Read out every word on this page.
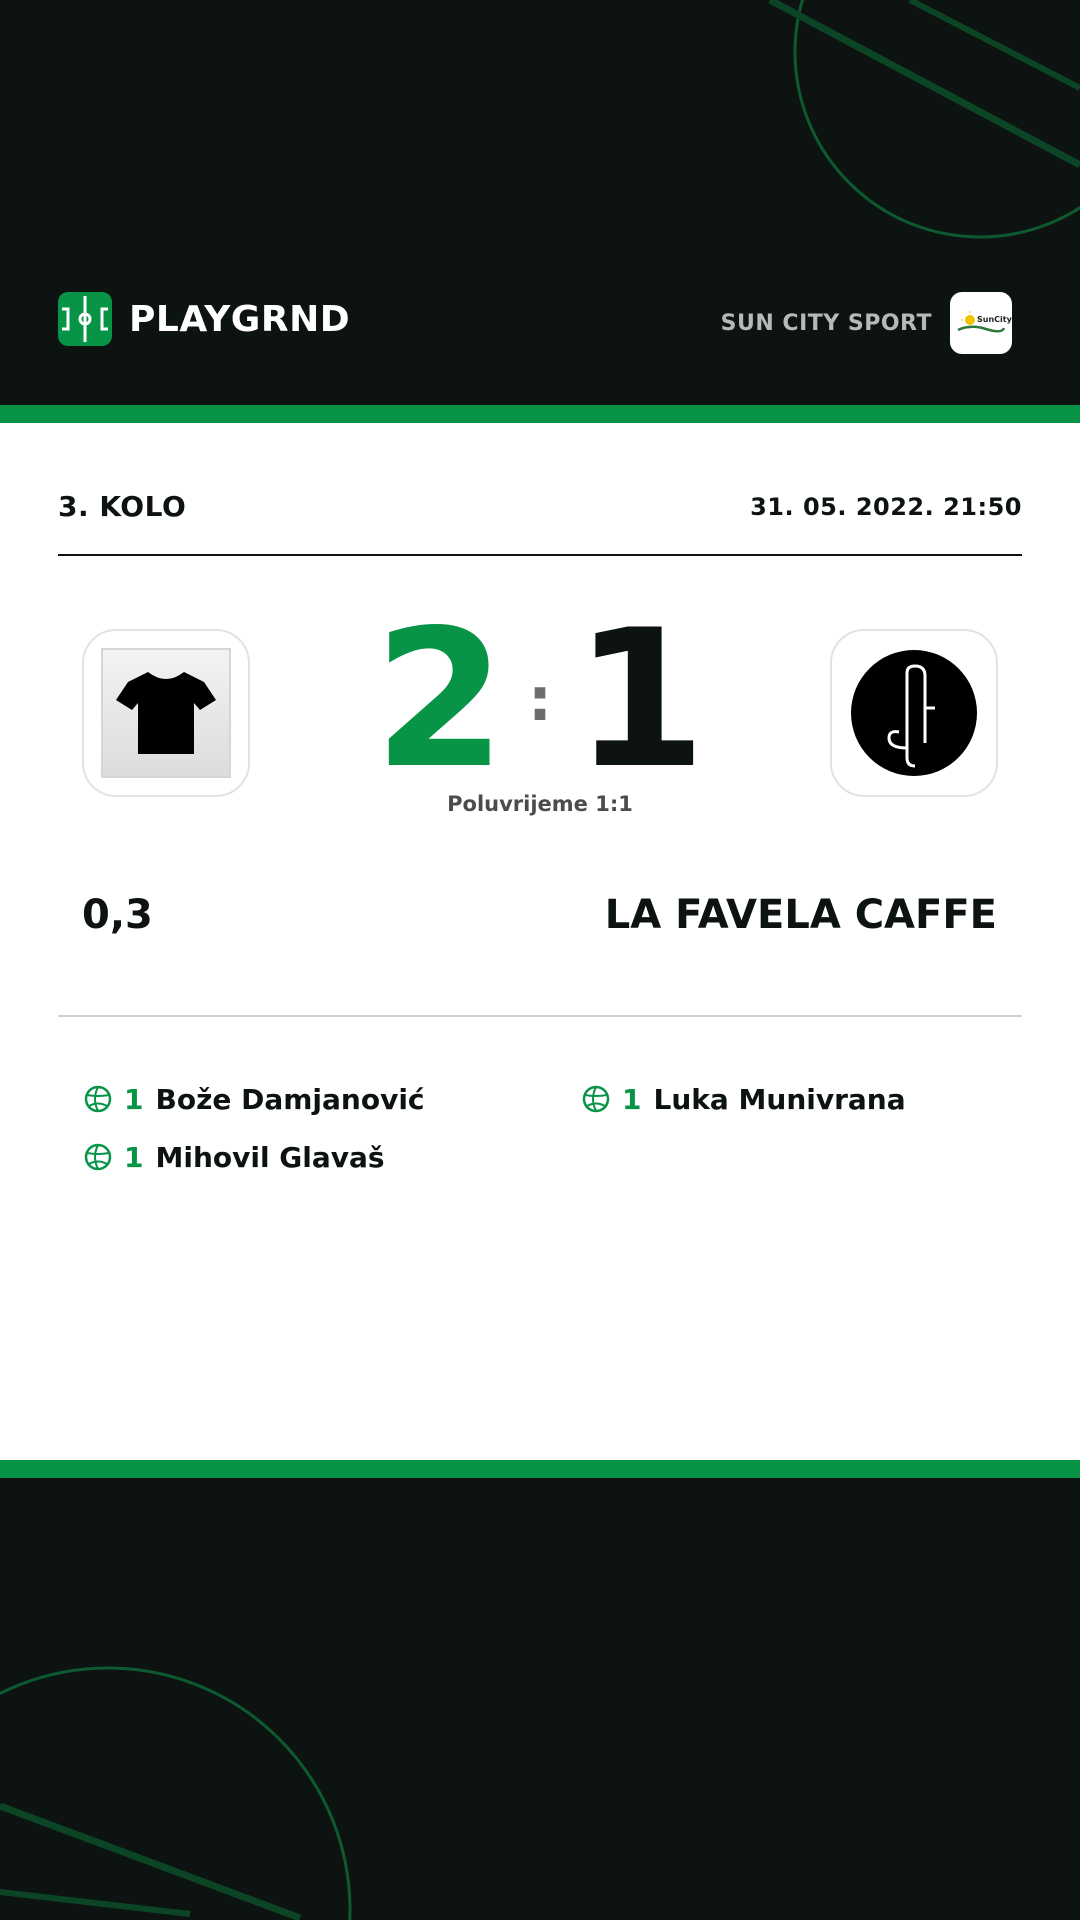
PLAYGRND	SUN CITY SPORT	SunCity
3. KOLO	31. 05. 2022. 21:50
2 : 1
Poluvrijeme 1:1
0,3	LA FAVELA CAFFE
1 Bože Damjanović
1 Mihovil Glavaš
1 Luka Munivrana
